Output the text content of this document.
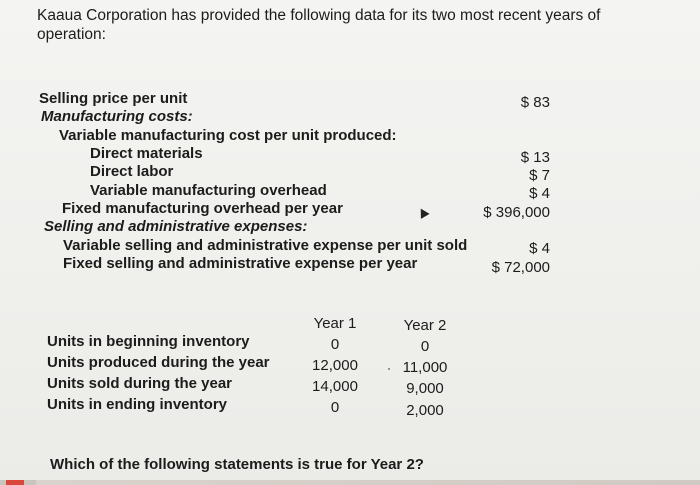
Kaaua Corporation has provided the following data for its two most recent years of operation:
Selling price per unit	$ 83
Manufacturing costs:
Variable manufacturing cost per unit produced:
Direct materials	$ 13
Direct labor	$ 7
Variable manufacturing overhead	$ 4
Fixed manufacturing overhead per year	$ 396,000
Selling and administrative expenses:
Variable selling and administrative expense per unit sold	$ 4
Fixed selling and administrative expense per year	$ 72,000
Year 1	Year 2
Units in beginning inventory	0	0
Units produced during the year	12,000	11,000
Units sold during the year	14,000	9,000
Units in ending inventory	0	2,000
Which of the following statements is true for Year 2?
